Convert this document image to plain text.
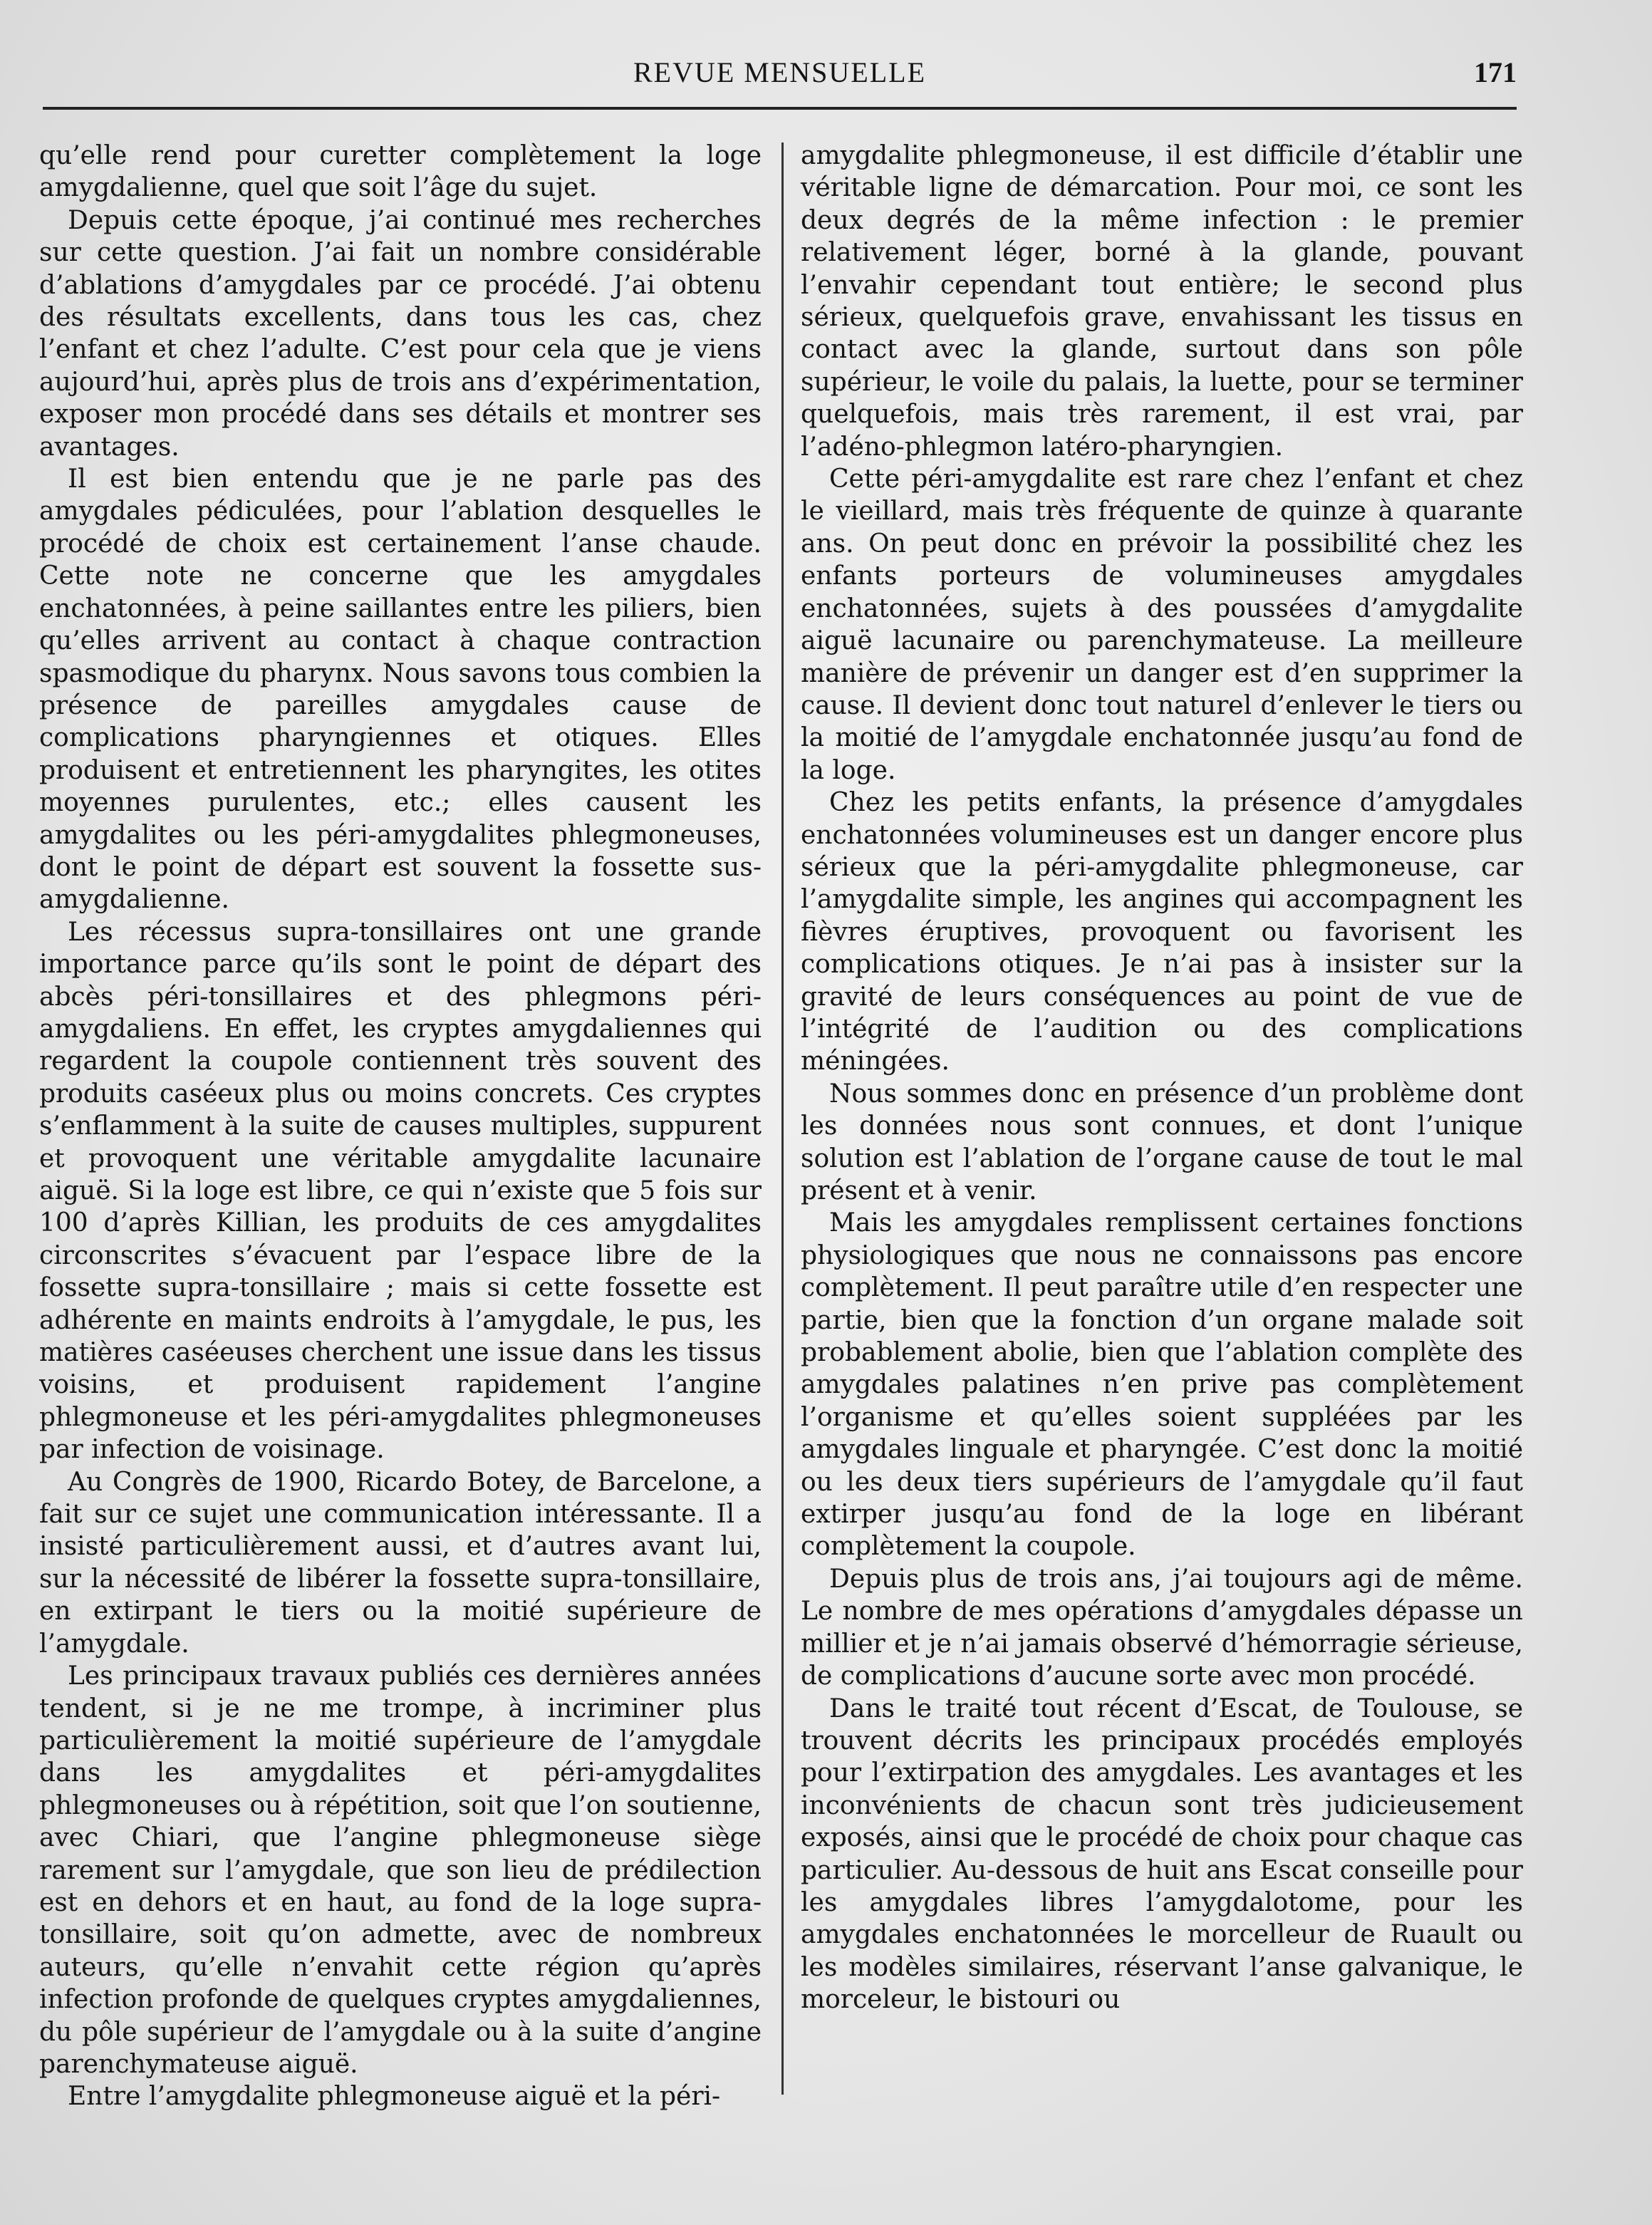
REVUE MENSUELLE	171

qu’elle rend pour curetter complètement la loge amygdalienne, quel que soit l’âge du sujet.

Depuis cette époque, j’ai continué mes recherches sur cette question. J’ai fait un nombre considérable d’ablations d’amygdales par ce procédé. J’ai obtenu des résultats excellents, dans tous les cas, chez l’enfant et chez l’adulte. C’est pour cela que je viens aujourd’hui, après plus de trois ans d’expérimentation, exposer mon procédé dans ses détails et montrer ses avantages.

Il est bien entendu que je ne parle pas des amygdales pédiculées, pour l’ablation desquelles le procédé de choix est certainement l’anse chaude. Cette note ne concerne que les amygdales enchatonnées, à peine saillantes entre les piliers, bien qu’elles arrivent au contact à chaque contraction spasmodique du pharynx. Nous savons tous combien la présence de pareilles amygdales cause de complications pharyngiennes et otiques. Elles produisent et entretiennent les pharyngites, les otites moyennes purulentes, etc.; elles causent les amygdalites ou les péri-amygdalites phlegmoneuses, dont le point de départ est souvent la fossette sus-amygdalienne.

Les récessus supra-tonsillaires ont une grande importance parce qu’ils sont le point de départ des abcès péri-tonsillaires et des phlegmons péri-amygdaliens. En effet, les cryptes amygdaliennes qui regardent la coupole contiennent très souvent des produits caséeux plus ou moins concrets. Ces cryptes s’enflamment à la suite de causes multiples, suppurent et provoquent une véritable amygdalite lacunaire aiguë. Si la loge est libre, ce qui n’existe que 5 fois sur 100 d’après Killian, les produits de ces amygdalites circonscrites s’évacuent par l’espace libre de la fossette supra-tonsillaire ; mais si cette fossette est adhérente en maints endroits à l’amygdale, le pus, les matières caséeuses cherchent une issue dans les tissus voisins, et produisent rapidement l’angine phlegmoneuse et les péri-amygdalites phlegmoneuses par infection de voisinage.

Au Congrès de 1900, Ricardo Botey, de Barcelone, a fait sur ce sujet une communication intéressante. Il a insisté particulièrement aussi, et d’autres avant lui, sur la nécessité de libérer la fossette supra-tonsillaire, en extirpant le tiers ou la moitié supérieure de l’amygdale.

Les principaux travaux publiés ces dernières années tendent, si je ne me trompe, à incriminer plus particulièrement la moitié supérieure de l’amygdale dans les amygdalites et péri-amygdalites phlegmoneuses ou à répétition, soit que l’on soutienne, avec Chiari, que l’angine phlegmoneuse siège rarement sur l’amygdale, que son lieu de prédilection est en dehors et en haut, au fond de la loge supra-tonsillaire, soit qu’on admette, avec de nombreux auteurs, qu’elle n’envahit cette région qu’après infection profonde de quelques cryptes amygdaliennes, du pôle supérieur de l’amygdale ou à la suite d’angine parenchymateuse aiguë.

Entre l’amygdalite phlegmoneuse aiguë et la péri-

amygdalite phlegmoneuse, il est difficile d’établir une véritable ligne de démarcation. Pour moi, ce sont les deux degrés de la même infection : le premier relativement léger, borné à la glande, pouvant l’envahir cependant tout entière; le second plus sérieux, quelquefois grave, envahissant les tissus en contact avec la glande, surtout dans son pôle supérieur, le voile du palais, la luette, pour se terminer quelquefois, mais très rarement, il est vrai, par l’adéno-phlegmon latéro-pharyngien.

Cette péri-amygdalite est rare chez l’enfant et chez le vieillard, mais très fréquente de quinze à quarante ans. On peut donc en prévoir la possibilité chez les enfants porteurs de volumineuses amygdales enchatonnées, sujets à des poussées d’amygdalite aiguë lacunaire ou parenchymateuse. La meilleure manière de prévenir un danger est d’en supprimer la cause. Il devient donc tout naturel d’enlever le tiers ou la moitié de l’amygdale enchatonnée jusqu’au fond de la loge.

Chez les petits enfants, la présence d’amygdales enchatonnées volumineuses est un danger encore plus sérieux que la péri-amygdalite phlegmoneuse, car l’amygdalite simple, les angines qui accompagnent les fièvres éruptives, provoquent ou favorisent les complications otiques. Je n’ai pas à insister sur la gravité de leurs conséquences au point de vue de l’intégrité de l’audition ou des complications méningées.

Nous sommes donc en présence d’un problème dont les données nous sont connues, et dont l’unique solution est l’ablation de l’organe cause de tout le mal présent et à venir.

Mais les amygdales remplissent certaines fonctions physiologiques que nous ne connaissons pas encore complètement. Il peut paraître utile d’en respecter une partie, bien que la fonction d’un organe malade soit probablement abolie, bien que l’ablation complète des amygdales palatines n’en prive pas complètement l’organisme et qu’elles soient suppléées par les amygdales linguale et pharyngée. C’est donc la moitié ou les deux tiers supérieurs de l’amygdale qu’il faut extirper jusqu’au fond de la loge en libérant complètement la coupole.

Depuis plus de trois ans, j’ai toujours agi de même. Le nombre de mes opérations d’amygdales dépasse un millier et je n’ai jamais observé d’hémorragie sérieuse, de complications d’aucune sorte avec mon procédé.

Dans le traité tout récent d’Escat, de Toulouse, se trouvent décrits les principaux procédés employés pour l’extirpation des amygdales. Les avantages et les inconvénients de chacun sont très judicieusement exposés, ainsi que le procédé de choix pour chaque cas particulier. Au-dessous de huit ans Escat conseille pour les amygdales libres l’amygdalotome, pour les amygdales enchatonnées le morcelleur de Ruault ou les modèles similaires, réservant l’anse galvanique, le morceleur, le bistouri ou
